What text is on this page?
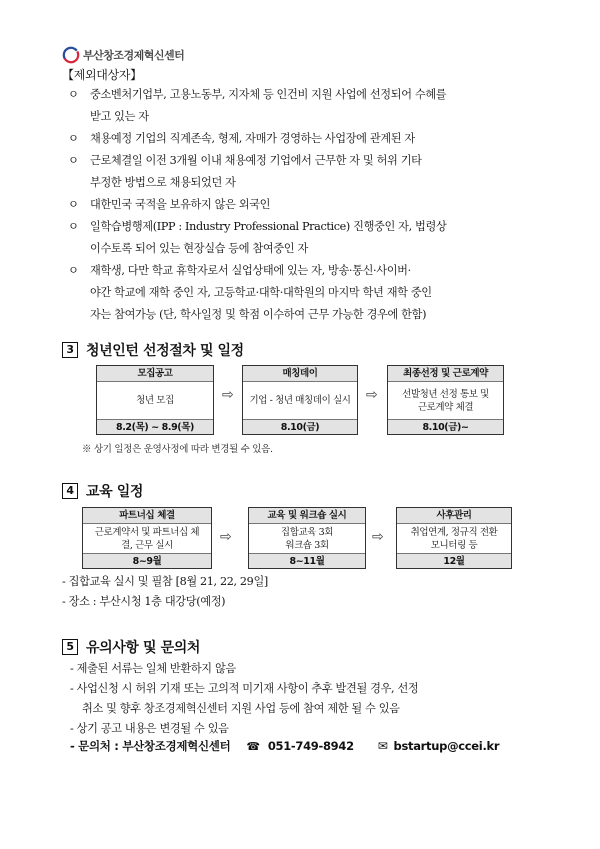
부산창조경제혁신센터
【제외대상자】
ㅇ 중소벤처기업부, 고용노동부, 지자체 등 인건비 지원 사업에 선정되어 수혜를
받고 있는 자
ㅇ 채용예정 기업의 직계존속, 형제, 자매가 경영하는 사업장에 관계된 자
ㅇ 근로체결일 이전 3개월 이내 채용예정 기업에서 근무한 자 및 허위 기타
부정한 방법으로 채용되었던 자
ㅇ 대한민국 국적을 보유하지 않은 외국인
ㅇ 일학습병행제(IPP : Industry Professional Practice) 진행중인 자, 법령상
이수토록 되어 있는 현장실습 등에 참여중인 자
ㅇ 재학생, 다만 학교 휴학자로서 실업상태에 있는 자, 방송·통신·사이버·
야간 학교에 재학 중인 자, 고등학교·대학·대학원의 마지막 학년 재학 중인
자는 참여가능 (단, 학사일정 및 학점 이수하여 근무 가능한 경우에 한함)
3 청년인턴 선정절차 및 일정
모집공고
청년 모집
8.2(목) ~ 8.9(목)
⇨
매칭데이
기업 - 청년 매칭데이 실시
8.10(금)
⇨
최종선정 및 근로계약
선발청년 선정 통보 및
근로계약 체결
8.10(금)~
※ 상기 일정은 운영사정에 따라 변경될 수 있음.
4 교육 일정
파트너십 체결
근로계약서 및 파트너십 체
결, 근무 실시
8~9월
⇨
교육 및 워크숍 실시
집합교육 3회
워크숍 3회
8~11월
⇨
사후관리
취업연계, 정규직 전환
모니터링 등
12월
- 집합교육 실시 및 필참 [8월 21, 22, 29일]
- 장소 : 부산시청 1층 대강당(예정)
5 유의사항 및 문의처
- 제출된 서류는 일체 반환하지 않음
- 사업신청 시 허위 기재 또는 고의적 미기재 사항이 추후 발견될 경우, 선정
취소 및 향후 창조경제혁신센터 지원 사업 등에 참여 제한 될 수 있음
- 상기 공고 내용은 변경될 수 있음
- 문의처 : 부산창조경제혁신센터 ☎ 051-749-8942 ✉ bstartup@ccei.kr
